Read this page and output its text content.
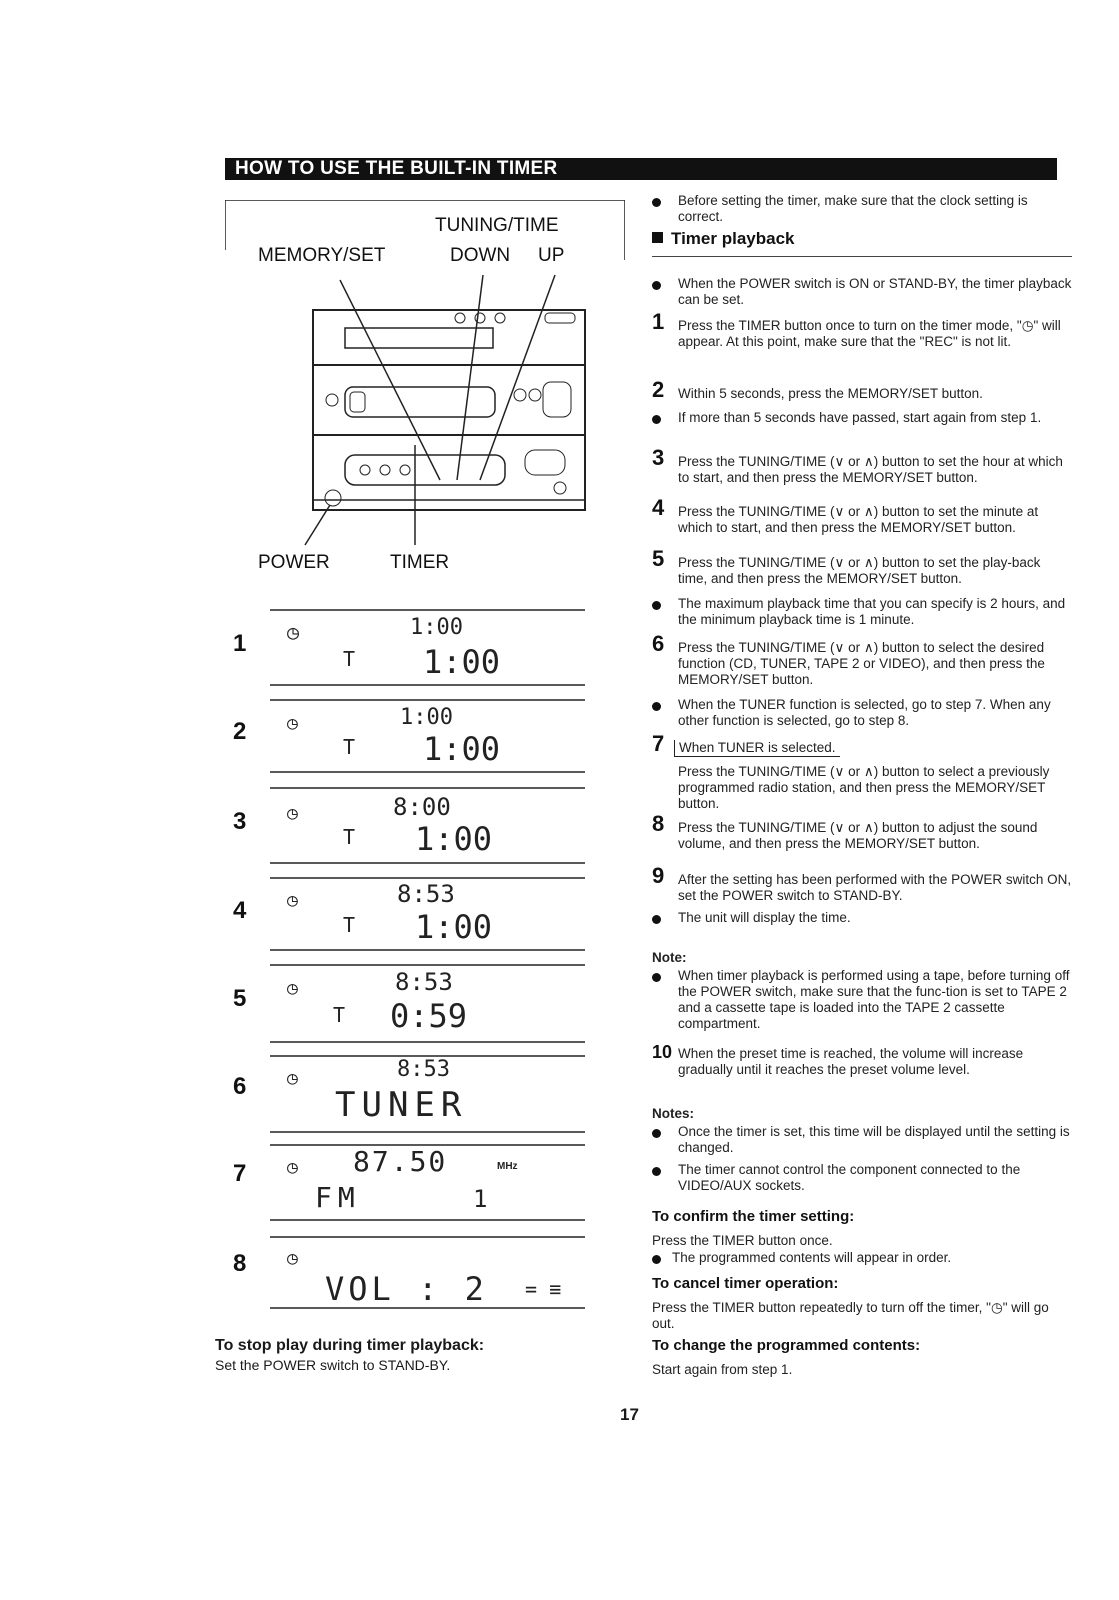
HOW TO USE THE BUILT-IN TIMER
TUNING/TIME
MEMORY/SET	DOWN UP
POWER	TIMER
1 ◷	1:00
T 1:00
2 ◷	1:00
T 1:00
3 ◷	8:00
T 1:00
4 ◷	8:53
T 1:00
5 ◷	8:53
T 0:59
6 ◷	8:53
TUNER
7 ◷ 87.50	MHz
FM	1
8 ◷
VOL : 2 = ≡
To stop play during timer playback:
Set the POWER switch to STAND-BY.
Before setting the timer, make sure that the clock setting is correct.
Timer playback
When the POWER switch is ON or STAND-BY, the timer playback can be set.
1 Press the TIMER button once to turn on the timer mode, "◷" will appear. At this point, make sure that the "REC" is not lit.
2 Within 5 seconds, press the MEMORY/SET button.
If more than 5 seconds have passed, start again from step 1.
3 Press the TUNING/TIME (∨ or ∧) button to set the hour at which to start, and then press the MEMORY/SET button.
4 Press the TUNING/TIME (∨ or ∧) button to set the minute at which to start, and then press the MEMORY/SET button.
5 Press the TUNING/TIME (∨ or ∧) button to set the play-back time, and then press the MEMORY/SET button.
The maximum playback time that you can specify is 2 hours, and the minimum playback time is 1 minute.
6 Press the TUNING/TIME (∨ or ∧) button to select the desired function (CD, TUNER, TAPE 2 or VIDEO), and then press the MEMORY/SET button.
When the TUNER function is selected, go to step 7. When any other function is selected, go to step 8.
7	When TUNER is selected.
Press the TUNING/TIME (∨ or ∧) button to select a previously programmed radio station, and then press the MEMORY/SET button.
8 Press the TUNING/TIME (∨ or ∧) button to adjust the sound volume, and then press the MEMORY/SET button.
9 After the setting has been performed with the POWER switch ON, set the POWER switch to STAND-BY.
The unit will display the time.
Note:
When timer playback is performed using a tape, before turning off the POWER switch, make sure that the func-tion is set to TAPE 2 and a cassette tape is loaded into the TAPE 2 cassette compartment.
10 When the preset time is reached, the volume will increase gradually until it reaches the preset volume level.
Notes:
Once the timer is set, this time will be displayed until the setting is changed.
The timer cannot control the component connected to the VIDEO/AUX sockets.
To confirm the timer setting:
Press the TIMER button once.
The programmed contents will appear in order.
To cancel timer operation:
Press the TIMER button repeatedly to turn off the timer, "◷" will go out.
To change the programmed contents:
Start again from step 1.
17
